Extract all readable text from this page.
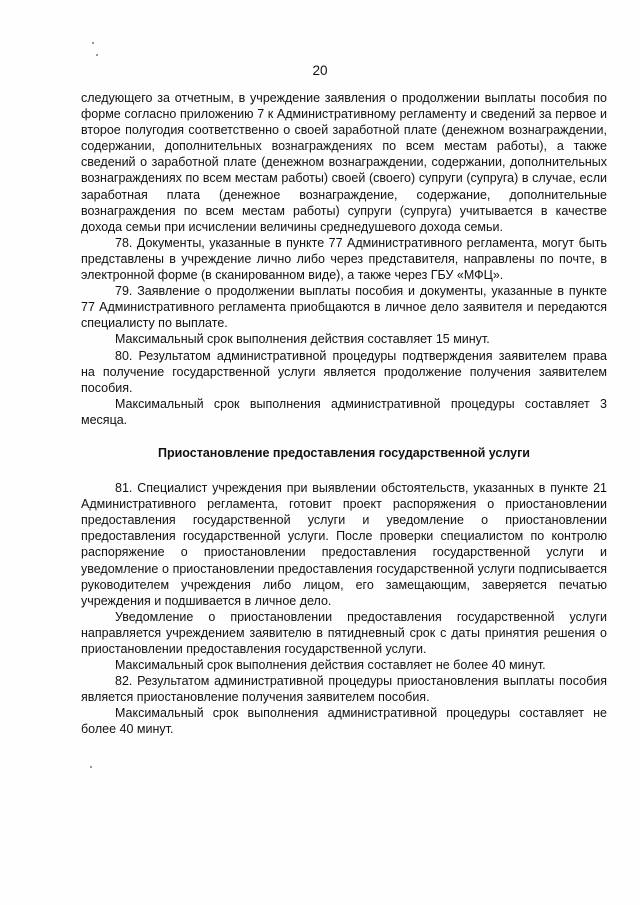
20

следующего за отчетным, в учреждение заявления о продолжении выплаты пособия по форме согласно приложению 7 к Административному регламенту и сведений за первое и второе полугодия соответственно о своей заработной плате (денежном вознаграждении, содержании, дополнительных вознаграждениях по всем местам работы), а также сведений о заработной плате (денежном вознаграждении, содержании, дополнительных вознаграждениях по всем местам работы) своей (своего) супруги (супруга) в случае, если заработная плата (денежное вознаграждение, содержание, дополнительные вознаграждения по всем местам работы) супруги (супруга) учитывается в качестве дохода семьи при исчислении величины среднедушевого дохода семьи.

78. Документы, указанные в пункте 77 Административного регламента, могут быть представлены в учреждение лично либо через представителя, направлены по почте, в электронной форме (в сканированном виде), а также через ГБУ «МФЦ».

79. Заявление о продолжении выплаты пособия и документы, указанные в пункте 77 Административного регламента приобщаются в личное дело заявителя и передаются специалисту по выплате.

Максимальный срок выполнения действия составляет 15 минут.

80. Результатом административной процедуры подтверждения заявителем права на получение государственной услуги является продолжение получения заявителем пособия.

Максимальный срок выполнения административной процедуры составляет 3 месяца.

Приостановление предоставления государственной услуги

81. Специалист учреждения при выявлении обстоятельств, указанных в пункте 21 Административного регламента, готовит проект распоряжения о приостановлении предоставления государственной услуги и уведомление о приостановлении предоставления государственной услуги. После проверки специалистом по контролю распоряжение о приостановлении предоставления государственной услуги и уведомление о приостановлении предоставления государственной услуги подписывается руководителем учреждения либо лицом, его замещающим, заверяется печатью учреждения и подшивается в личное дело.

Уведомление о приостановлении предоставления государственной услуги направляется учреждением заявителю в пятидневный срок с даты принятия решения о приостановлении предоставления государственной услуги.

Максимальный срок выполнения действия составляет не более 40 минут.

82. Результатом административной процедуры приостановления выплаты пособия является приостановление получения заявителем пособия.

Максимальный срок выполнения административной процедуры составляет не более 40 минут.
